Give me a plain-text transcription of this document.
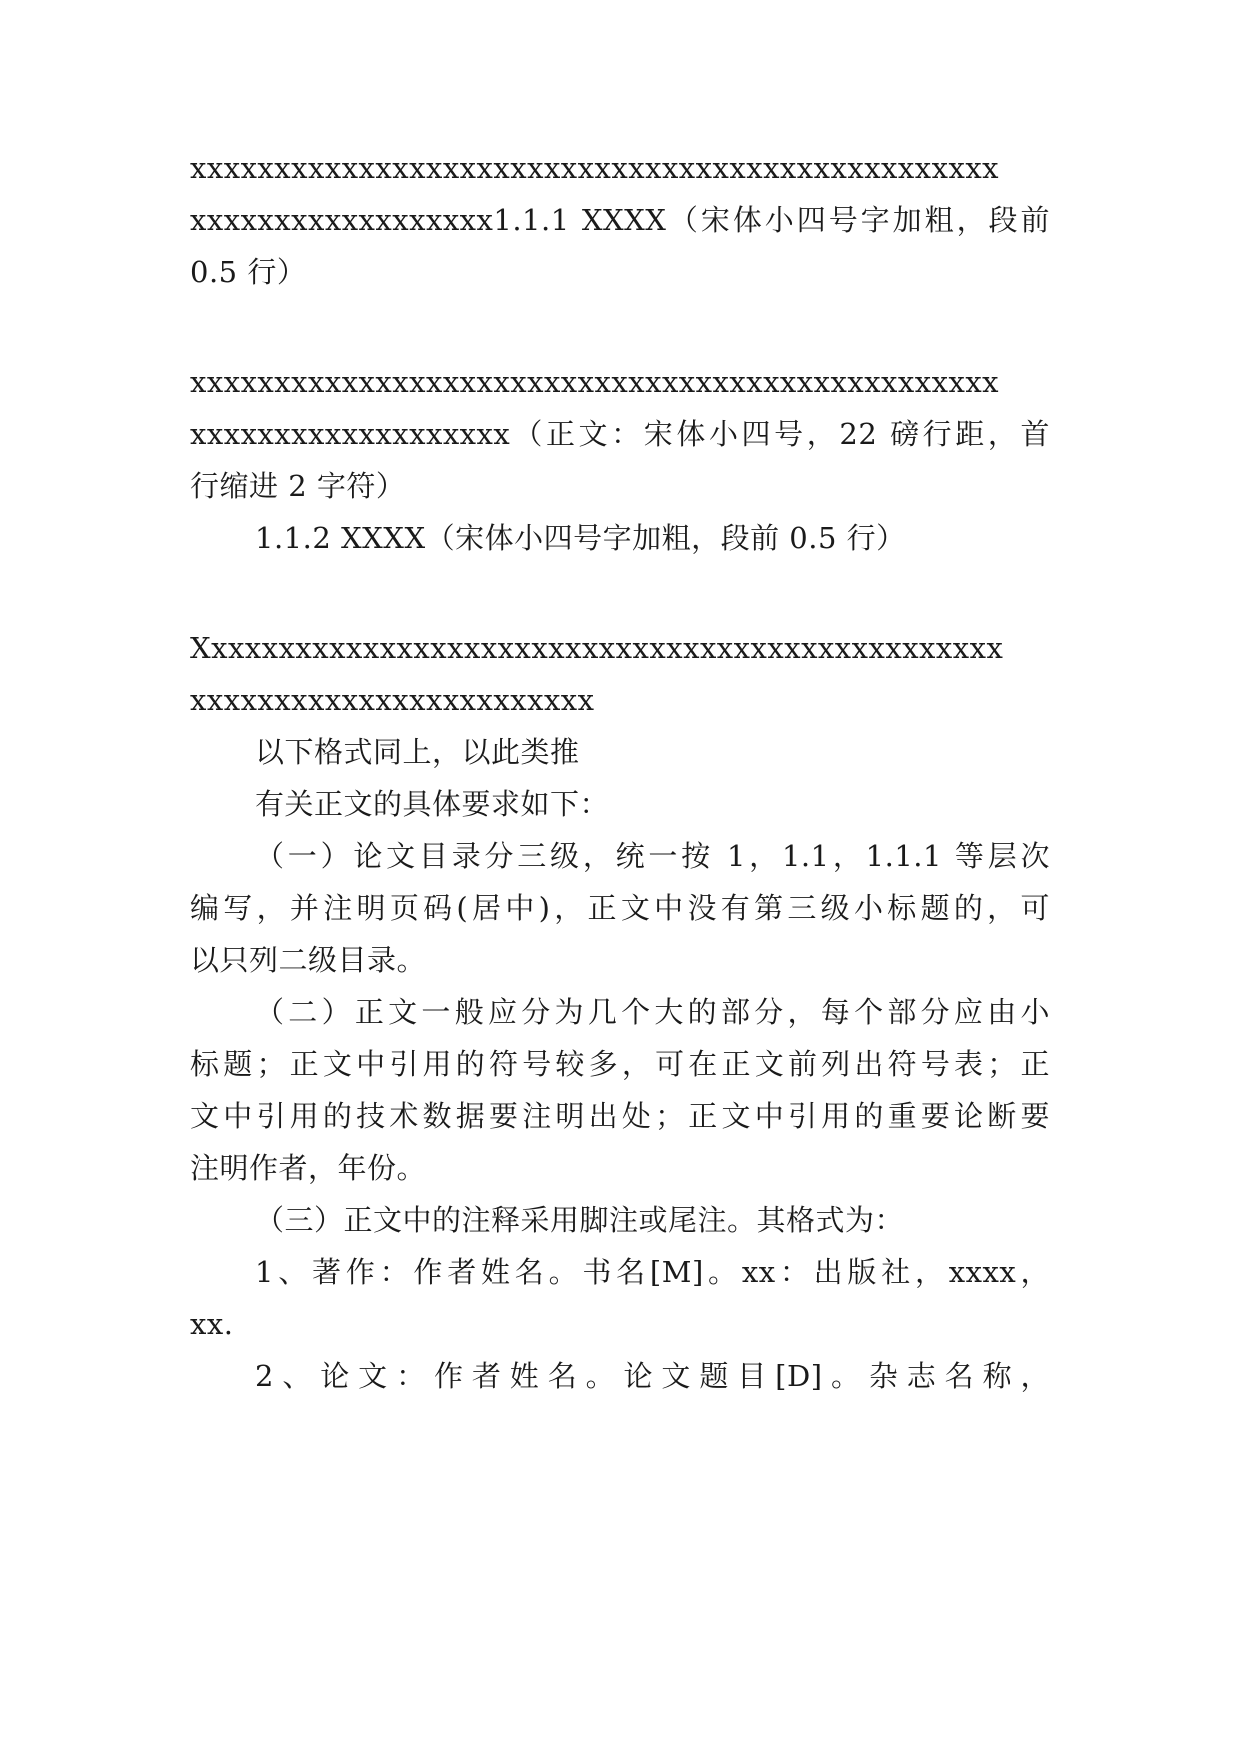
xxxxxxxxxxxxxxxxxxxxxxxxxxxxxxxxxxxxxxxxxxxxxxxx
xxxxxxxxxxxxxxxxxx1.1.1 XXXX（宋体小四号字加粗，段前
0.5 行）
xxxxxxxxxxxxxxxxxxxxxxxxxxxxxxxxxxxxxxxxxxxxxxxx
xxxxxxxxxxxxxxxxxxx（正文：宋体小四号，22 磅行距，首
行缩进 2 字符）
1.1.2 XXXX（宋体小四号字加粗，段前 0.5 行）
Xxxxxxxxxxxxxxxxxxxxxxxxxxxxxxxxxxxxxxxxxxxxxxxx
xxxxxxxxxxxxxxxxxxxxxxxx
以下格式同上，以此类推
有关正文的具体要求如下：
（一）论文目录分三级，统一按 1，1.1，1.1.1 等层次
编写，并注明页码(居中)，正文中没有第三级小标题的，可
以只列二级目录。
（二）正文一般应分为几个大的部分，每个部分应由小
标题；正文中引用的符号较多，可在正文前列出符号表；正
文中引用的技术数据要注明出处；正文中引用的重要论断要
注明作者，年份。
（三）正文中的注释采用脚注或尾注。其格式为：
1、著作：作者姓名。书名[M]。xx：出版社，xxxx，
xx.
2、论文：作者姓名。论文题目[D]。杂志名称，
